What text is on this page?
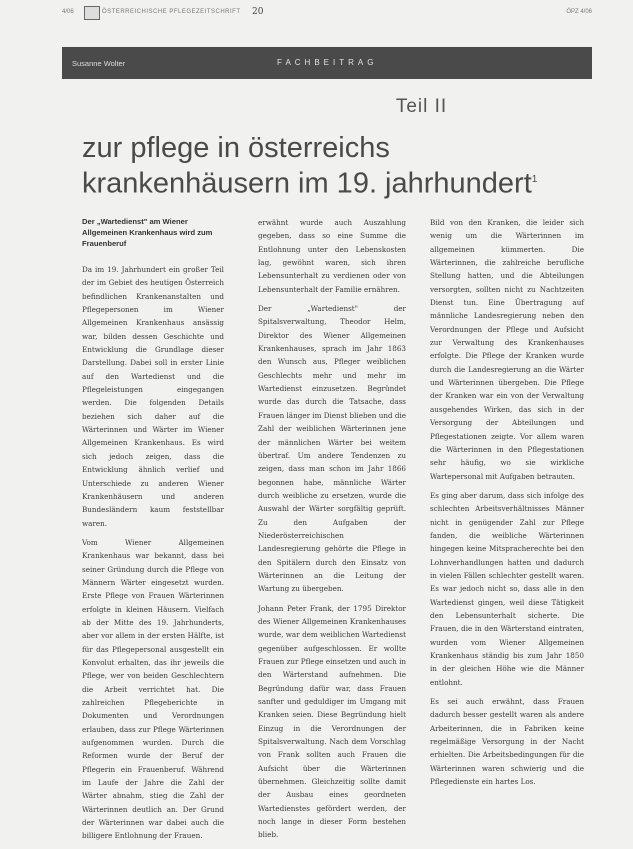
4/06	ÖSTERREICHISCHE PFLEGEZEITSCHRIFT 20	ÖPZ 4/06
Susanne Wolter	FACHBEITRAG
Teil II
zur pflege in österreichs
krankenhäusern im 19. jahrhundert$^1$
Der „Wartedienst" am Wiener Allgemeinen Krankenhaus wird zum Frauenberuf

Da im 19. Jahrhundert ein großer Teil der im Gebiet des heutigen Österreich befindlichen Krankenanstalten und Pflegepersonen im Wiener Allgemeinen Krankenhaus ansässig war, bilden dessen Geschichte und Entwicklung die Grundlage dieser Darstellung. Dabei soll in erster Linie auf den Wartedienst und die Pflegeleistungen eingegangen werden. Die folgenden Details beziehen sich daher auf die Wärterinnen und Wärter im Wiener Allgemeinen Krankenhaus. Es wird sich jedoch zeigen, dass die Entwicklung ähnlich verlief und Unterschiede zu anderen Wiener Krankenhäusern und anderen Bundesländern kaum feststellbar waren.

Vom Wiener Allgemeinen Krankenhaus war bekannt, dass bei seiner Gründung durch die Pflege von Männern Wärter eingesetzt wurden. Erste Pflege von Frauen Wärterinnen erfolgte in kleinen Häusern. Vielfach ab der Mitte des 19. Jahrhunderts, aber vor allem in der ersten Hälfte, ist für das Pflegepersonal ausgestellt ein Konvolut erhalten, das ihr jeweils die Pflege, wer von beiden Geschlechtern die Arbeit verrichtet hat. Die zahlreichen Pflegeberichte in Dokumenten und Verordnungen erlauben, dass zur Pflege Wärterinnen aufgenommen wurden. Durch die Reformen wurde der Beruf der Pflegerin ein Frauenberuf. Während im Laufe der Jahre die Zahl der Wärter abnahm, stieg die Zahl der Wärterinnen deutlich an. Der Grund der Wärterinnen war dabei auch die billigere Entlohnung der Frauen.

erwähnt wurde auch Auszahlung gegeben, dass so eine Summe die Entlohnung unter den Lebenskosten lag, gewöhnt waren, sich ihren Lebensunterhalt zu verdienen oder von Lebensunterhalt der Familie ernähren.

Der „Wartedienst" der Spitalsverwaltung, Theodor Helm, Direktor des Wiener Allgemeinen Krankenhauses, sprach im Jahr 1863 den Wunsch aus, Pfleger weiblichen Geschlechts mehr und mehr im Wartedienst einzusetzen. Begründet wurde das durch die Tatsache, dass Frauen länger im Dienst blieben und die Zahl der weiblichen Wärterinnen jene der männlichen Wärter bei weitem übertraf. Um andere Tendenzen zu zeigen, dass man schon im Jahr 1866 begonnen habe, männliche Wärter durch weibliche zu ersetzen, wurde die Auswahl der Wärter sorgfältig geprüft. Zu den Aufgaben der Niederösterreichischen Landesregierung gehörte die Pflege in den Spitälern durch den Einsatz von Wärterinnen an die Leitung der Wartung zu übergeben.

Johann Peter Frank, der 1795 Direktor des Wiener Allgemeinen Krankenhauses wurde, war dem weiblichen Wartedienst gegenüber aufgeschlossen. Er wollte Frauen zur Pflege einsetzen und auch in den Wärterstand aufnehmen. Die Begründung dafür war, dass Frauen sanfter und geduldiger im Umgang mit Kranken seien. Diese Begründung hielt Einzug in die Verordnungen der Spitalsverwaltung. Nach dem Vorschlag von Frank sollten auch Frauen die Aufsicht über die Wärterinnen übernehmen. Gleichzeitig sollte damit der Ausbau eines geordneten Wartedienstes gefördert werden, der noch lange in dieser Form bestehen blieb.

Bild von den Kranken, die leider sich wenig um die Wärterinnen im allgemeinen kümmerten. Die Wärterinnen, die zahlreiche berufliche Stellung hatten, und die Abteilungen versorgten, sollten nicht zu Nachtzeiten Dienst tun. Eine Übertragung auf männliche Landesregierung neben den Verordnungen der Pflege und Aufsicht zur Verwaltung des Krankenhauses erfolgte. Die Pflege der Kranken wurde durch die Landesregierung an die Wärter und Wärterinnen übergeben. Die Pflege der Kranken war ein von der Verwaltung ausgehendes Wirken, das sich in der Versorgung der Abteilungen und Pflegestationen zeigte. Vor allem waren die Wärterinnen in den Pflegestationen sehr häufig, wo sie wirkliche Wartepersonal mit Aufgaben betrauten.

Es ging aber darum, dass sich infolge des schlechten Arbeitsverhältnisses Männer nicht in genügender Zahl zur Pflege fanden, die weibliche Wärterinnen hingegen keine Mitspracherechte bei den Lohnverhandlungen hatten und dadurch in vielen Fällen schlechter gestellt waren. Es war jedoch nicht so, dass alle in den Wartedienst gingen, weil diese Tätigkeit den Lebensunterhalt sicherte. Die Frauen, die in den Wärterstand eintraten, wurden vom Wiener Allgemeinen Krankenhaus ständig bis zum Jahr 1850 in der gleichen Höhe wie die Männer entlohnt.

Es sei auch erwähnt, dass Frauen dadurch besser gestellt waren als andere Arbeiterinnen, die in Fabriken keine regelmäßige Versorgung in der Nacht erhielten. Die Arbeitsbedingungen für die Wärterinnen waren schwierig und die Pflegedienste ein hartes Los.
